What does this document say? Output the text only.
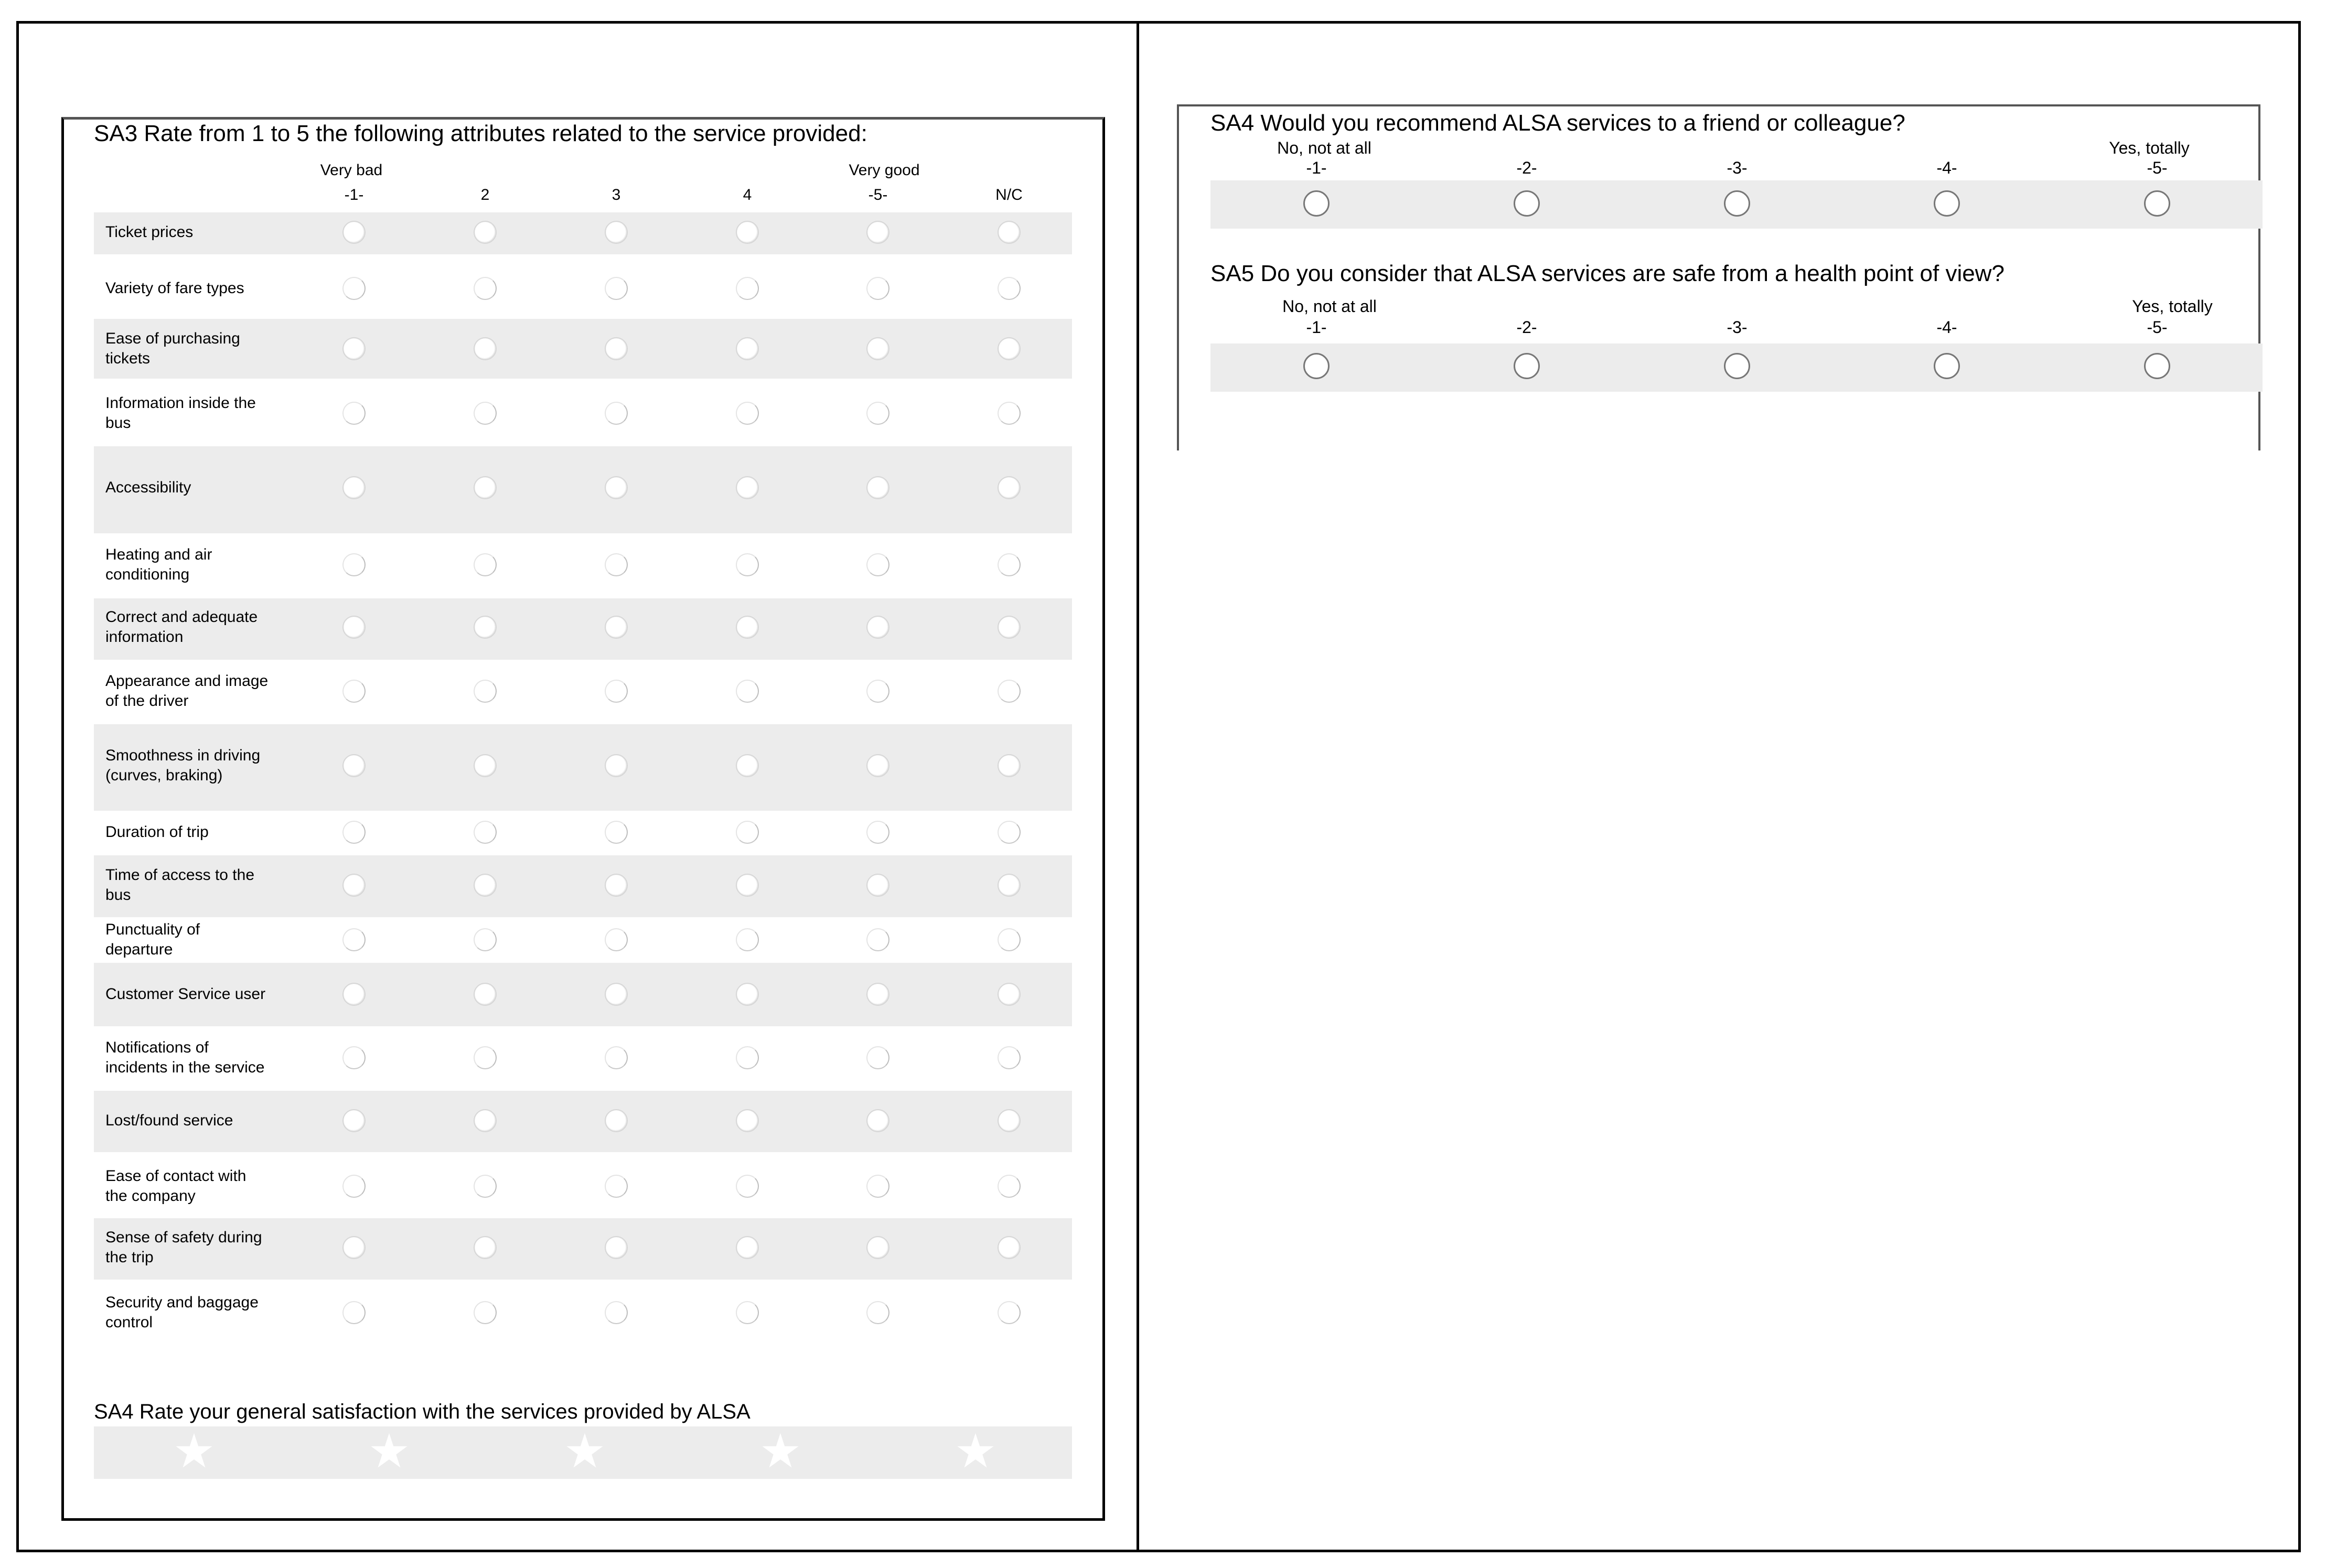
SA3 Rate from 1 to 5 the following attributes related to the service provided:
Very bad	Very good
-1-	2	3	4	-5-	N/C
Ticket prices
Variety of fare types
Ease of purchasing
tickets
Information inside the
bus
Accessibility
Heating and air
conditioning
Correct and adequate
information
Appearance and image
of the driver
Smoothness in driving
(curves, braking)
Duration of trip
Time of access to the
bus
Punctuality of
departure
Customer Service user
Notifications of
incidents in the service
Lost/found service
Ease of contact with
the company
Sense of safety during
the trip
Security and baggage
control
SA4 Rate your general satisfaction with the services provided by ALSA
★	★	★	★	★
SA4 Would you recommend ALSA services to a friend or colleague?
No, not at all	Yes, totally
-1-	-2-	-3-	-4-	-5-
SA5 Do you consider that ALSA services are safe from a health point of view?
No, not at all	Yes, totally
-1-	-2-	-3-	-4-	-5-
